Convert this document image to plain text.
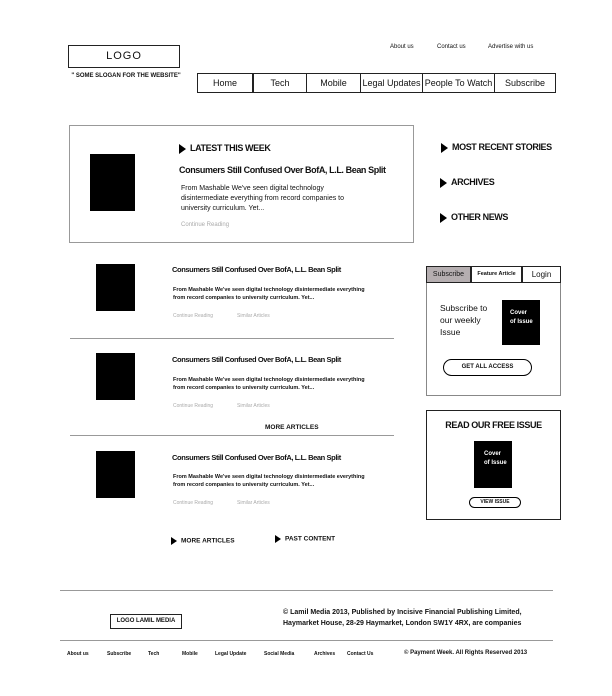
LOGO
" SOME SLOGAN FOR THE WEBSITE"
About us	Contact us	Advertise with us
Home	Tech	Mobile	Legal Updates People To Watch	Subscribe
LATEST THIS WEEK
Consumers Still Confused Over BofA, L.L. Bean Split
From Mashable We've seen digital technology disintermediate everything from record companies to university curriculum. Yet...
Continue Reading
MOST RECENT STORIES
ARCHIVES
OTHER NEWS
Consumers Still Confused Over BofA, L.L. Bean Split
From Mashable We've seen digital technology disintermediate everything from record companies to university curriculum. Yet...
Continue Reading	Similar Articles
Consumers Still Confused Over BofA, L.L. Bean Split
From Mashable We've seen digital technology disintermediate everything from record companies to university curriculum. Yet...
Continue Reading	Similar Articles
MORE ARTICLES
Consumers Still Confused Over BofA, L.L. Bean Split
From Mashable We've seen digital technology disintermediate everything from record companies to university curriculum. Yet...
Continue Reading	Similar Articles
MORE ARTICLES	PAST CONTENT
Subscribe	Feature Article	Login
Subscribe to our weekly Issue
Cover of Issue
GET ALL ACCESS
READ OUR FREE ISSUE
Cover of Issue
VIEW ISSUE
LOGO LAMIL MEDIA
© Lamil Media 2013, Published by Incisive Financial Publishing Limited,
Haymarket House, 28-29 Haymarket, London SW1Y 4RX, are companies
About us	Subscribe	Tech	Mobile	Legal Update	Social Media	Archives Contact Us	© Payment Week. All Rights Reserved 2013
